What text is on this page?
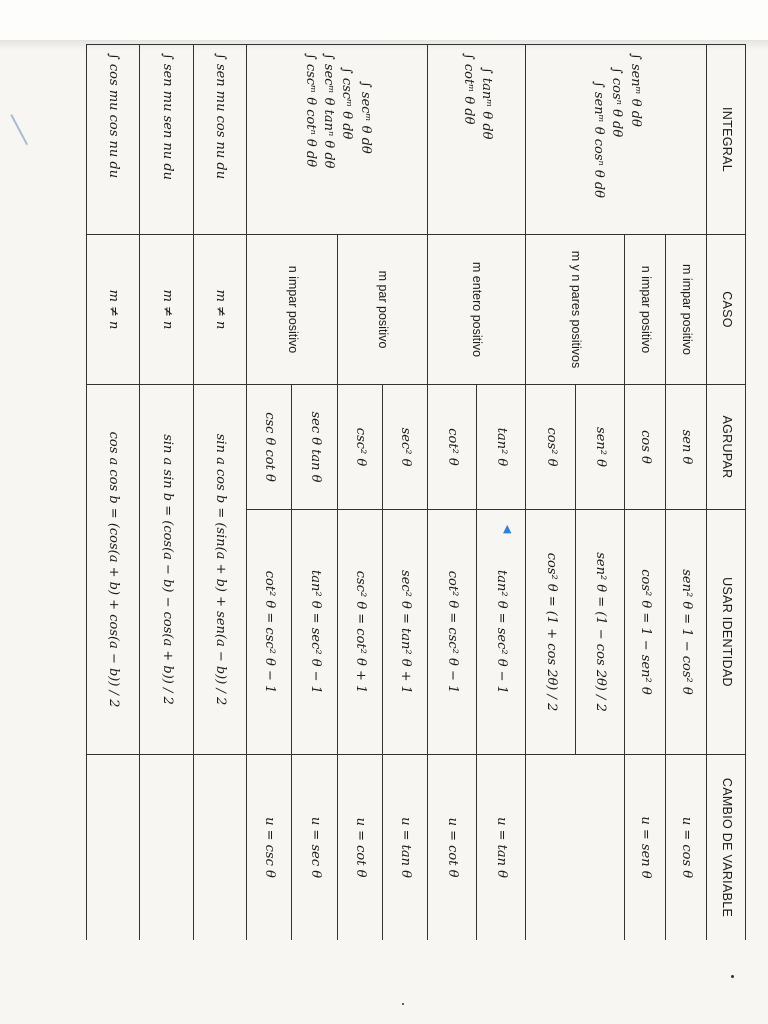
▲
INTEGRAL	CASO	AGRUPAR	USAR IDENTIDAD	CAMBIO DE VARIABLE

∫ senᵐ θ dθ
∫ cosⁿ θ dθ
∫ senᵐ θ cosⁿ θ dθ	m impar positivo	sen θ	sen² θ = 1 − cos² θ	u = cos θ
	n impar positivo	cos θ	cos² θ = 1 − sen² θ	u = sen θ
	m y n pares positivos	sen² θ	sen² θ = (1 − cos 2θ) / 2	
		cos² θ	cos² θ = (1 + cos 2θ) / 2	

∫ tanᵐ θ dθ
∫ cotᵐ θ dθ	m entero positivo	tan² θ	tan² θ = sec² θ − 1	u = tan θ
		cot² θ	cot² θ = csc² θ − 1	u = cot θ

∫ secᵐ θ dθ
∫ cscᵐ θ dθ
∫ secᵐ θ tanⁿ θ dθ
∫ cscᵐ θ cotⁿ θ dθ	m par positivo	sec² θ	sec² θ = tan² θ + 1	u = tan θ
		csc² θ	csc² θ = cot² θ + 1	u = cot θ
	n impar positivo	sec θ tan θ	tan² θ = sec² θ − 1	u = sec θ
		csc θ cot θ	cot² θ = csc² θ − 1	u = csc θ
∫ sen mu cos nu du	m ≠ n	sin a cos b = (sin(a + b) + sen(a − b)) / 2		
∫ sen mu sen nu du	m ≠ n	sin a sin b = (cos(a − b) − cos(a + b)) / 2		
∫ cos mu cos nu du	m ≠ n	cos a cos b = (cos(a + b) + cos(a − b)) / 2		
